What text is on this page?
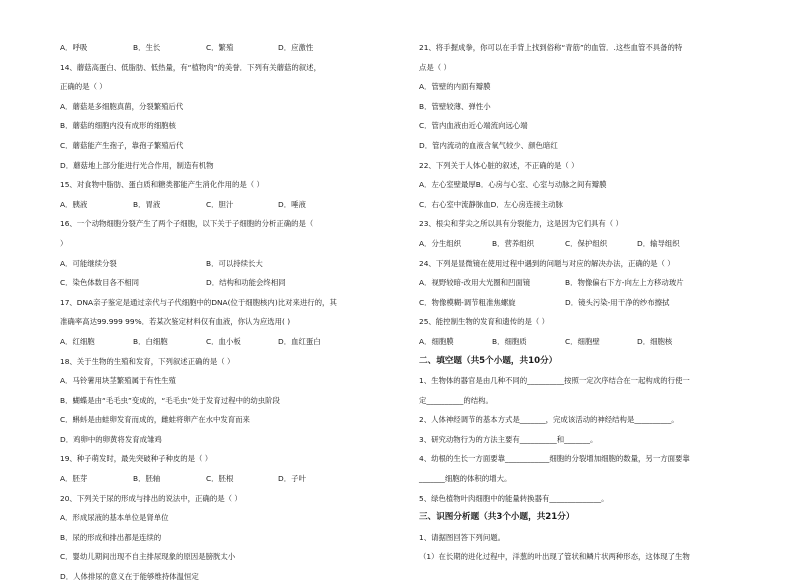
A．呼吸	B．生长	C．繁殖	D．应激性
14、蘑菇高蛋白、低脂肪、低热量，有“植物肉”的美誉．下列有关蘑菇的叙述，
正确的是（ ）
A．蘑菇是多细胞真菌，分裂繁殖后代
B．蘑菇的细胞内没有成形的细胞核
C．蘑菇能产生孢子，靠孢子繁殖后代
D．蘑菇地上部分能进行光合作用，制造有机物
15、对食物中脂肪、蛋白质和糖类都能产生消化作用的是（ ）
A．胰液	B．胃液	C．胆汁	D．唾液
16、一个动物细胞分裂产生了两个子细胞，以下关于子细胞的分析正确的是（
）
A．可能继续分裂	B．可以持续长大
C．染色体数目各不相同	D．结构和功能会终相同
17、DNA亲子鉴定是通过亲代与子代细胞中的DNA(位于细胞核内)比对来进行的，其
准确率高达99.999 99%．若某次鉴定材料仅有血液，你认为应选用( )
A．红细胞	B．白细胞	C．血小板	D．血红蛋白
18、关于生物的生殖和发育，下列叙述正确的是（ ）
A．马铃薯用块茎繁殖属于有性生殖
B．蝴蝶是由“毛毛虫”变成的，“毛毛虫”处于发育过程中的幼虫阶段
C．蝌蚪是由蛙卵发育而成的，雌蛙将卵产在水中发育而来
D．鸡卵中的卵黄将发育成雏鸡
19、种子萌发时，最先突破种子种皮的是（ ）
A．胚芽	B．胚轴	C．胚根	D．子叶
20、下列关于尿的形成与排出的说法中，正确的是（ ）
A．形成尿液的基本单位是肾单位
B．尿的形成和排出都是连续的
C．婴幼儿期间出现不自主排尿现象的原因是膀胱太小
D．人体排尿的意义在于能够维持体温恒定
21、将手握成拳，你可以在手背上找到俗称“青筋”的血管．.这些血管不具备的特
点是（ ）
A．管壁的内面有瓣膜
B．管壁较薄、弹性小
C．管内血液由近心端流向远心端
D．管内流动的血液含氧气较少、颜色暗红
22、下列关于人体心脏的叙述，不正确的是（ ）
A．左心室壁最厚B．心房与心室、心室与动脉之间有瓣膜
C．右心室中流静脉血D．左心房连接主动脉
23、根尖和芽尖之所以具有分裂能力，这是因为它们具有（ ）
A．分生组织	B．营养组织	C．保护组织	D．输导组织
24、下列是显微镜在使用过程中遇到的问题与对应的解决办法，正确的是（ ）
A．视野较暗-改用大光圈和凹面镜	B．物像偏右下方-向左上方移动玻片
C．物像模糊-调节粗准焦螺旋	D．镜头污染-用干净的纱布擦拭
25、能控制生物的发育和遗传的是（ ）
A．细胞膜	B．细胞质	C．细胞壁	D．细胞核
二、填空题（共5个小题，共10分）
1、生物体的器官是由几种不同的__________按照一定次序结合在一起构成的行使一
定__________的结构。
2、人体神经调节的基本方式是_______，完成该活动的神经结构是__________。
3、研究动物行为的方法主要有__________和_______。
4、幼根的生长一方面要靠____________细胞的分裂增加细胞的数量，另一方面要靠
_______细胞的体积的增大。
5、绿色植物叶肉细胞中的能量转换器有______________。
三、识图分析题（共3个小题，共21分）
1、请据图回答下列问题。
（1）在长期的进化过程中，洋葱的叶出现了管状和鳞片状两种形态，这体现了生物
